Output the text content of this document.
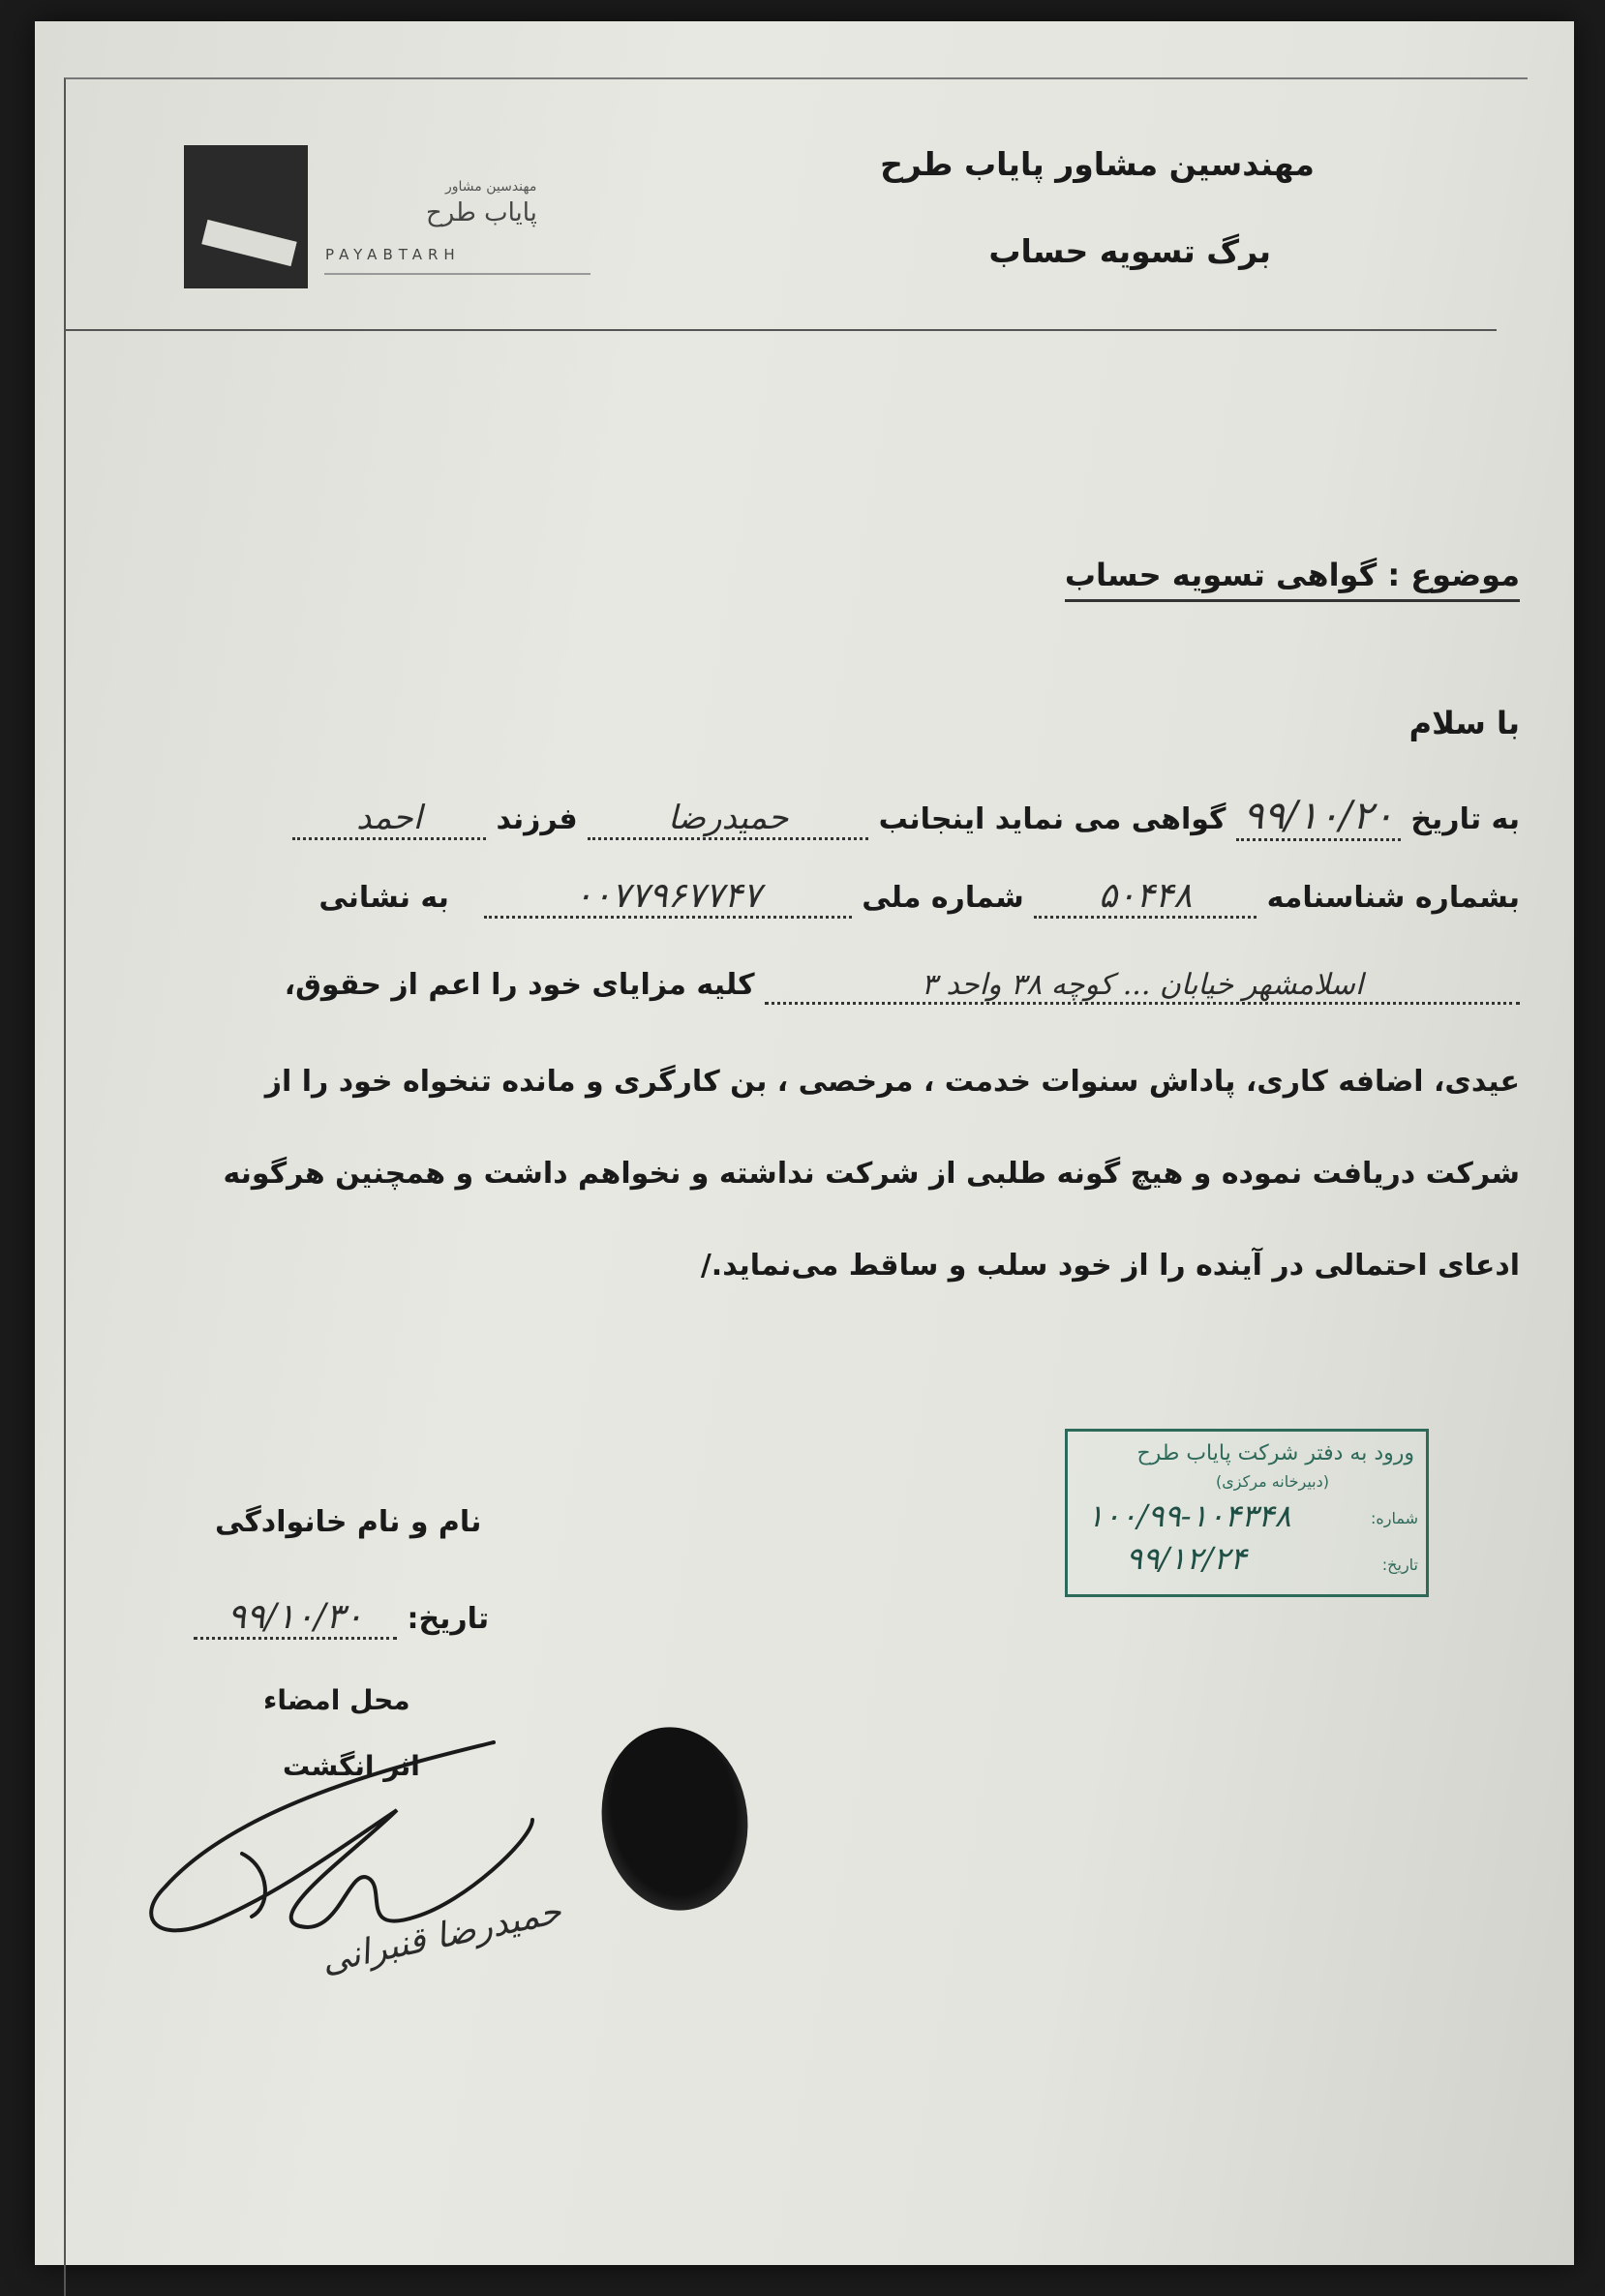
مهندسین مشاور
پایاب طرح
PAYABTARH
مهندسین مشاور پایاب طرح
برگ تسویه حساب
موضوع : گواهی تسویه حساب
با سلام
به تاریخ ۹۹/۱۰/۲۰ گواهی می نماید اینجانب حمیدرضا فرزند احمد
بشماره شناسنامه ۵۰۴۴۸ شماره ملی ۰۰۷۷۹۶۷۷۴۷ به نشانی
اسلامشهر خیابان ... کوچه ۳۸ واحد ۳ کلیه مزایای خود را اعم از حقوق،
عیدی، اضافه کاری، پاداش سنوات خدمت ، مرخصی ، بن کارگری و مانده تنخواه خود را از
شرکت دریافت نموده و هیچ گونه طلبی از شرکت نداشته و نخواهم داشت و همچنین هرگونه
ادعای احتمالی در آینده را از خود سلب و ساقط می‌نماید./
ورود به دفتر شرکت پایاب طرح
(دبیرخانه مرکزی)
شماره:
۱۰۰/۹۹-۱۰۴۳۴۸
تاریخ:
۹۹/۱۲/۲۴
نام و نام خانوادگی
تاریخ: ۹۹/۱۰/۳۰
محل امضاء
اثر انگشت
حمیدرضا قنبرانی
